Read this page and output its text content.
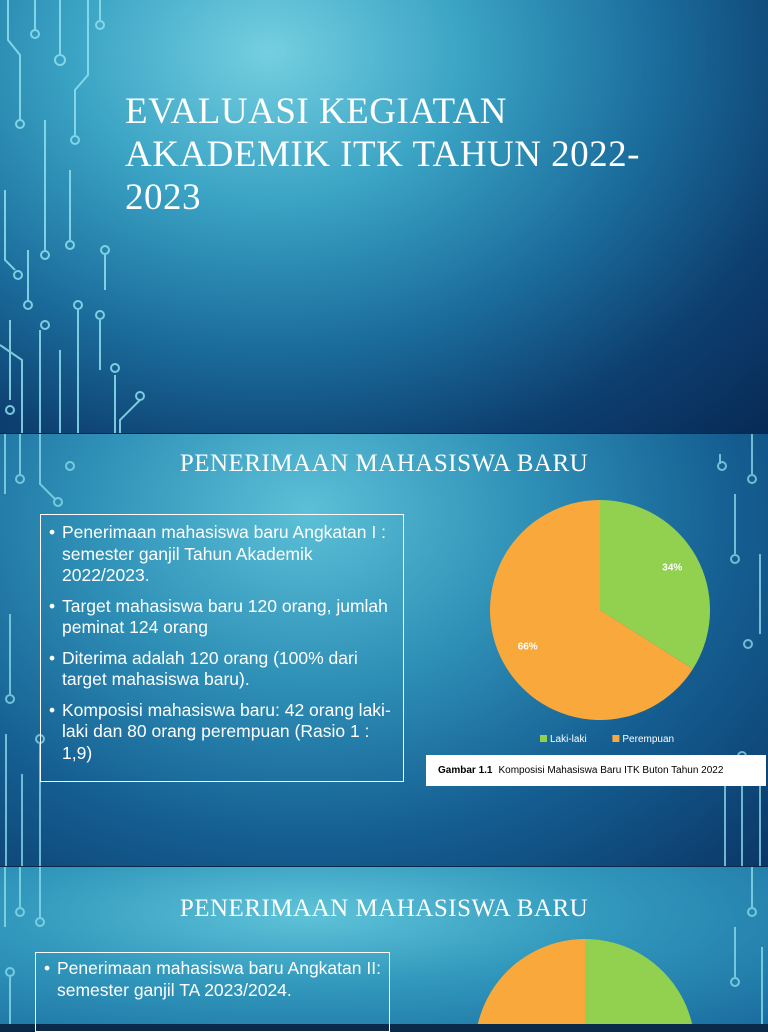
EVALUASI KEGIATAN AKADEMIK ITK TAHUN 2022-2023
PENERIMAAN MAHASISWA BARU
PENERIMAAN MAHASISWA BARU
• Penerimaan mahasiswa baru Angkatan I : semester ganjil Tahun Akademik 2022/2023.
• Target mahasiswa baru 120 orang, jumlah peminat 124 orang
• Diterima adalah 120 orang (100% dari target mahasiswa baru).
• Komposisi mahasiswa baru: 42 orang laki-laki dan 80 orang perempuan (Rasio 1 : 1,9)
34%
66%
Laki-laki	Perempuan
Gambar 1.1 Komposisi Mahasiswa Baru ITK Buton Tahun 2022
• Penerimaan mahasiswa baru Angkatan II: semester ganjil TA 2023/2024.
